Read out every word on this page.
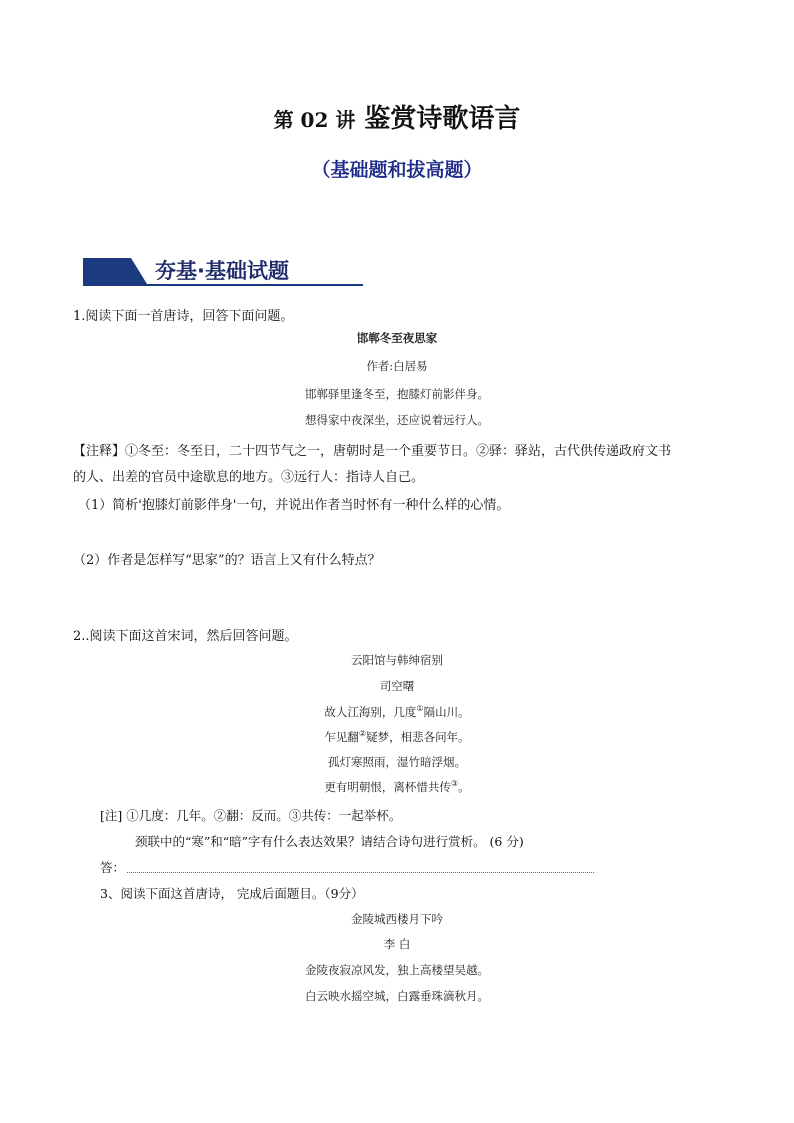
第 02 讲 鉴赏诗歌语言
（基础题和拔高题）
夯基·基础试题
1.阅读下面一首唐诗，回答下面问题。
邯郸冬至夜思家
作者:白居易
邯郸驿里逢冬至，抱膝灯前影伴身。
想得家中夜深坐，还应说着远行人。
【注释】①冬至：冬至日，二十四节气之一，唐朝时是一个重要节日。②驿：驿站，古代供传递政府文书
的人、出差的官员中途歇息的地方。③远行人：指诗人自己。
（1）简析'抱膝灯前影伴身'一句，并说出作者当时怀有一种什么样的心情。
（2）作者是怎样写“思家”的？语言上又有什么特点？
2..阅读下面这首宋词，然后回答问题。
云阳馆与韩绅宿别
司空曙
故人江海别，几度①隔山川。
乍见翻②疑梦，相悲各问年。
孤灯寒照雨，湿竹暗浮烟。
更有明朝恨，离杯惜共传③。
[注] ①几度：几年。②翻：反而。③共传：一起举杯。
颈联中的“寒”和“暗”字有什么表达效果？请结合诗句进行赏析。 (6 分)
答：
3、阅读下面这首唐诗， 完成后面题目。（9分）
金陵城西楼月下吟
李 白
金陵夜寂凉风发，独上高楼望吴越。
白云映水摇空城，白露垂珠滴秋月。
